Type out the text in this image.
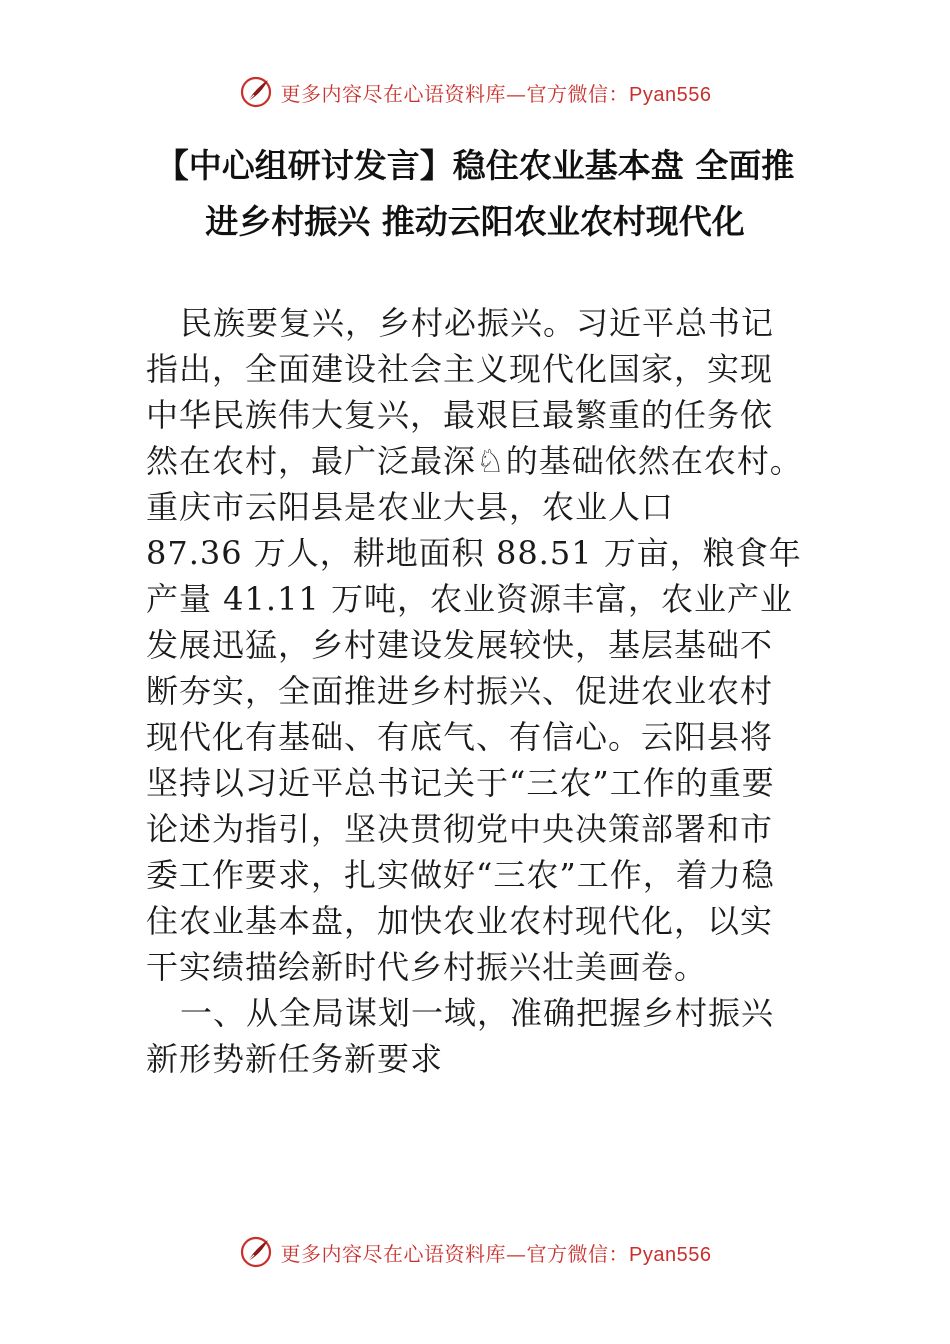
更多内容尽在心语资料库—官方微信：Pyan556
【中心组研讨发言】稳住农业基本盘 全面推
进乡村振兴 推动云阳农业农村现代化
民族要复兴，乡村必振兴。习近平总书记
指出，全面建设社会主义现代化国家，实现
中华民族伟大复兴，最艰巨最繁重的任务依
然在农村，最广泛最深♘的基础依然在农村。
重庆市云阳县是农业大县，农业人口
87.36 万人，耕地面积 88.51 万亩，粮食年
产量 41.11 万吨，农业资源丰富，农业产业
发展迅猛，乡村建设发展较快，基层基础不
断夯实，全面推进乡村振兴、促进农业农村
现代化有基础、有底气、有信心。云阳县将
坚持以习近平总书记关于“三农”工作的重要
论述为指引，坚决贯彻党中央决策部署和市
委工作要求，扎实做好“三农”工作，着力稳
住农业基本盘，加快农业农村现代化，以实
干实绩描绘新时代乡村振兴壮美画卷。
一、从全局谋划一域，准确把握乡村振兴
新形势新任务新要求
更多内容尽在心语资料库—官方微信：Pyan556
